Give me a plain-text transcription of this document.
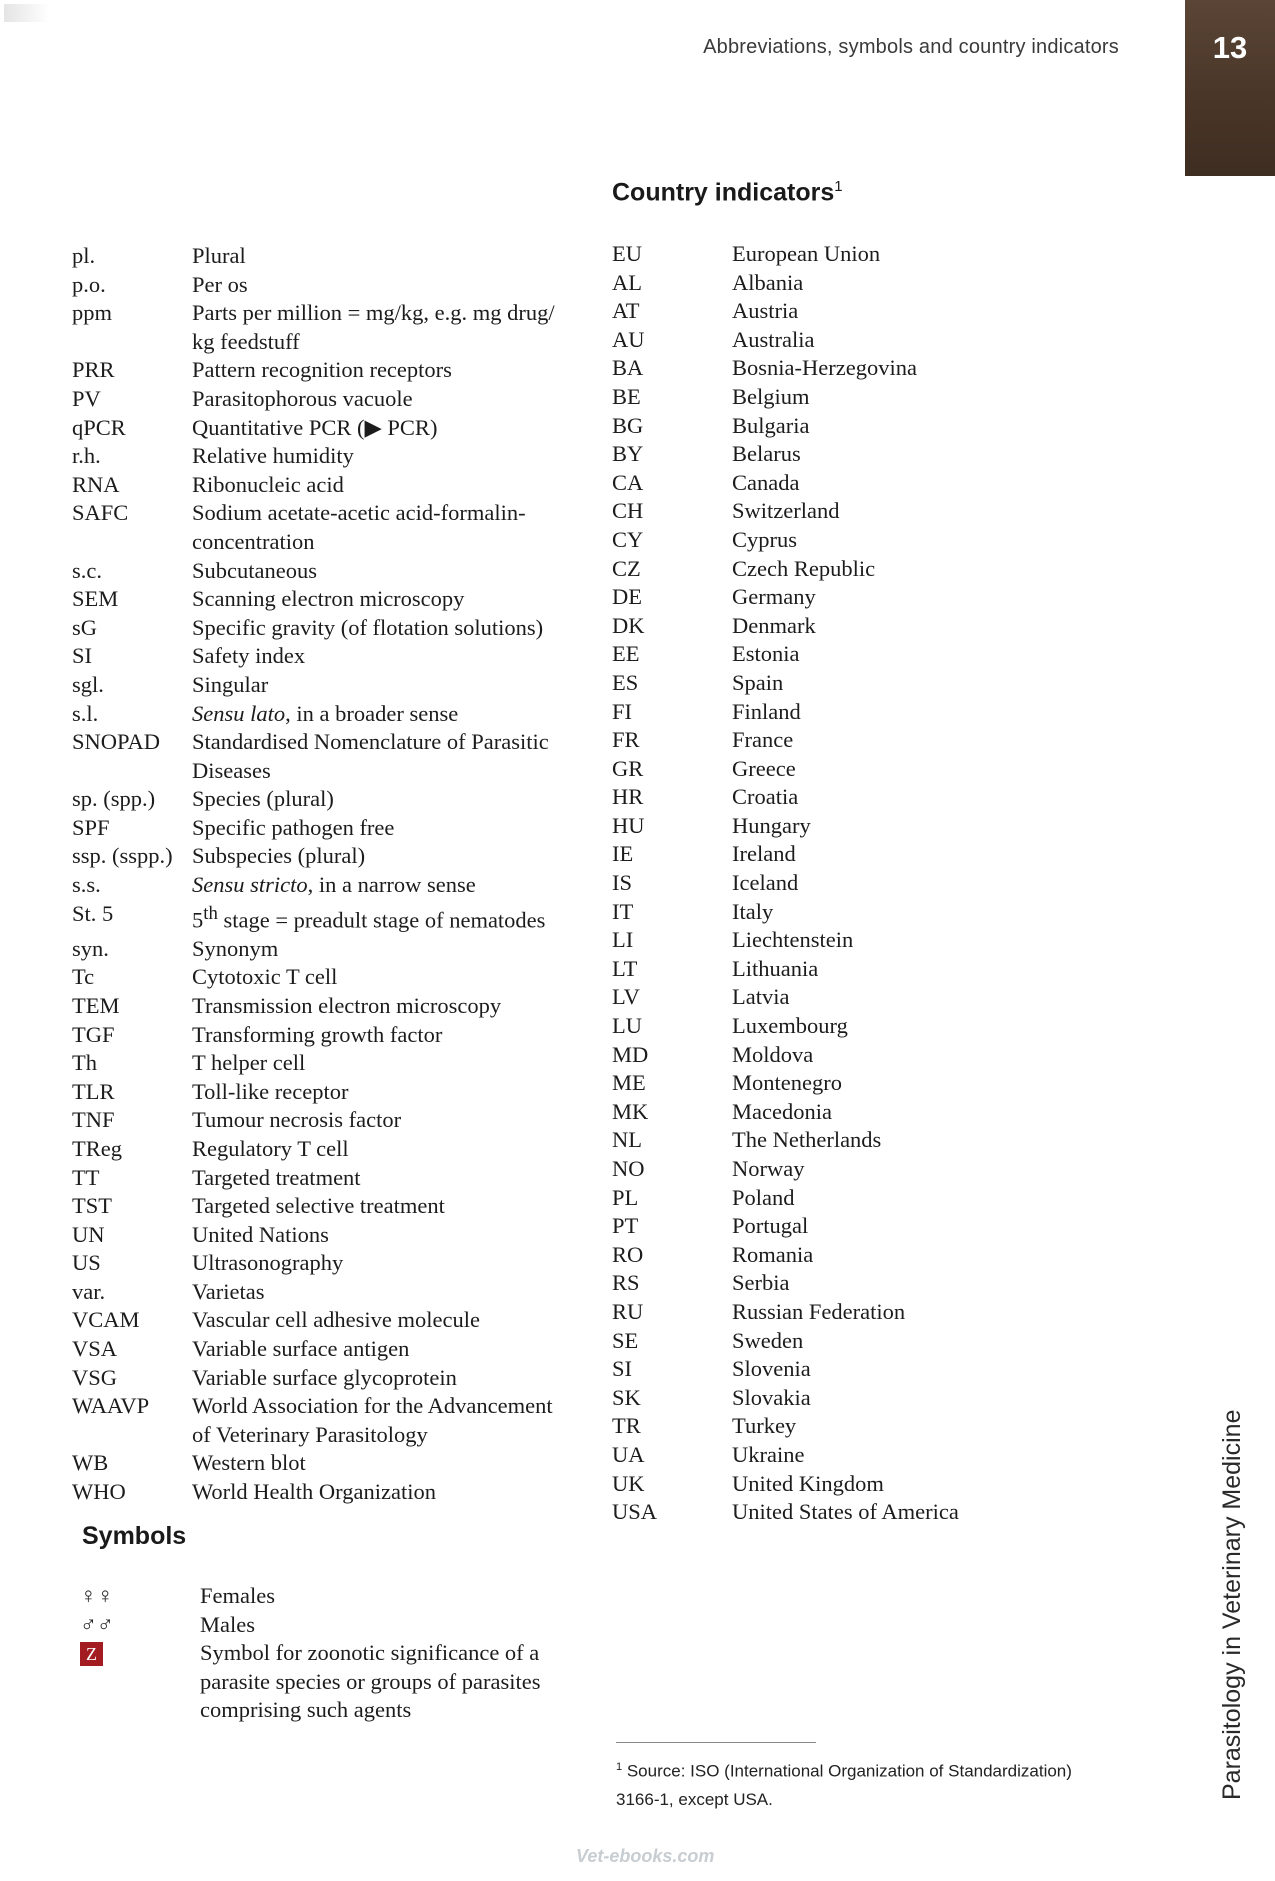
Abbreviations, symbols and country indicators	13
Parasitology in Veterinary Medicine
pl.	Plural
p.o.	Per os
ppm	Parts per million = mg/kg, e.g. mg drug/
kg feedstuff
PRR	Pattern recognition receptors
PV	Parasitophorous vacuole
qPCR	Quantitative PCR (▶ PCR)
r.h.	Relative humidity
RNA	Ribonucleic acid
SAFC	Sodium acetate-acetic acid-formalin-
concentration
s.c.	Subcutaneous
SEM	Scanning electron microscopy
sG	Specific gravity (of flotation solutions)
SI	Safety index
sgl.	Singular
s.l.	Sensu lato, in a broader sense
SNOPAD	Standardised Nomenclature of Parasitic
Diseases
sp. (spp.)	Species (plural)
SPF	Specific pathogen free
ssp. (sspp.) Subspecies (plural)
s.s.	Sensu stricto, in a narrow sense
St. 5	5th stage = preadult stage of nematodes
syn.	Synonym
Tc	Cytotoxic T cell
TEM	Transmission electron microscopy
TGF	Transforming growth factor
Th	T helper cell
TLR	Toll-like receptor
TNF	Tumour necrosis factor
TReg	Regulatory T cell
TT	Targeted treatment
TST	Targeted selective treatment
UN	United Nations
US	Ultrasonography
var.	Varietas
VCAM	Vascular cell adhesive molecule
VSA	Variable surface antigen
VSG	Variable surface glycoprotein
WAAVP	World Association for the Advancement
of Veterinary Parasitology
WB	Western blot
WHO	World Health Organization
Country indicators$^1$
EU	European Union
AL	Albania
AT	Austria
AU	Australia
BA	Bosnia-Herzegovina
BE	Belgium
BG	Bulgaria
BY	Belarus
CA	Canada
CH	Switzerland
CY	Cyprus
CZ	Czech Republic
DE	Germany
DK	Denmark
EE	Estonia
ES	Spain
FI	Finland
FR	France
GR	Greece
HR	Croatia
HU	Hungary
IE	Ireland
IS	Iceland
IT	Italy
LI	Liechtenstein
LT	Lithuania
LV	Latvia
LU	Luxembourg
MD	Moldova
ME	Montenegro
MK	Macedonia
NL	The Netherlands
NO	Norway
PL	Poland
PT	Portugal
RO	Romania
RS	Serbia
RU	Russian Federation
SE	Sweden
SI	Slovenia
SK	Slovakia
TR	Turkey
UA	Ukraine
UK	United Kingdom
USA	United States of America
Symbols
♀♀	Females
♂♂	Males
Z	Symbol for zoonotic significance of a
parasite species or groups of parasites
comprising such agents

$^1$ Source: ISO (International Organization of Standardization)
3166-1, except USA.

Vet-ebooks.com
